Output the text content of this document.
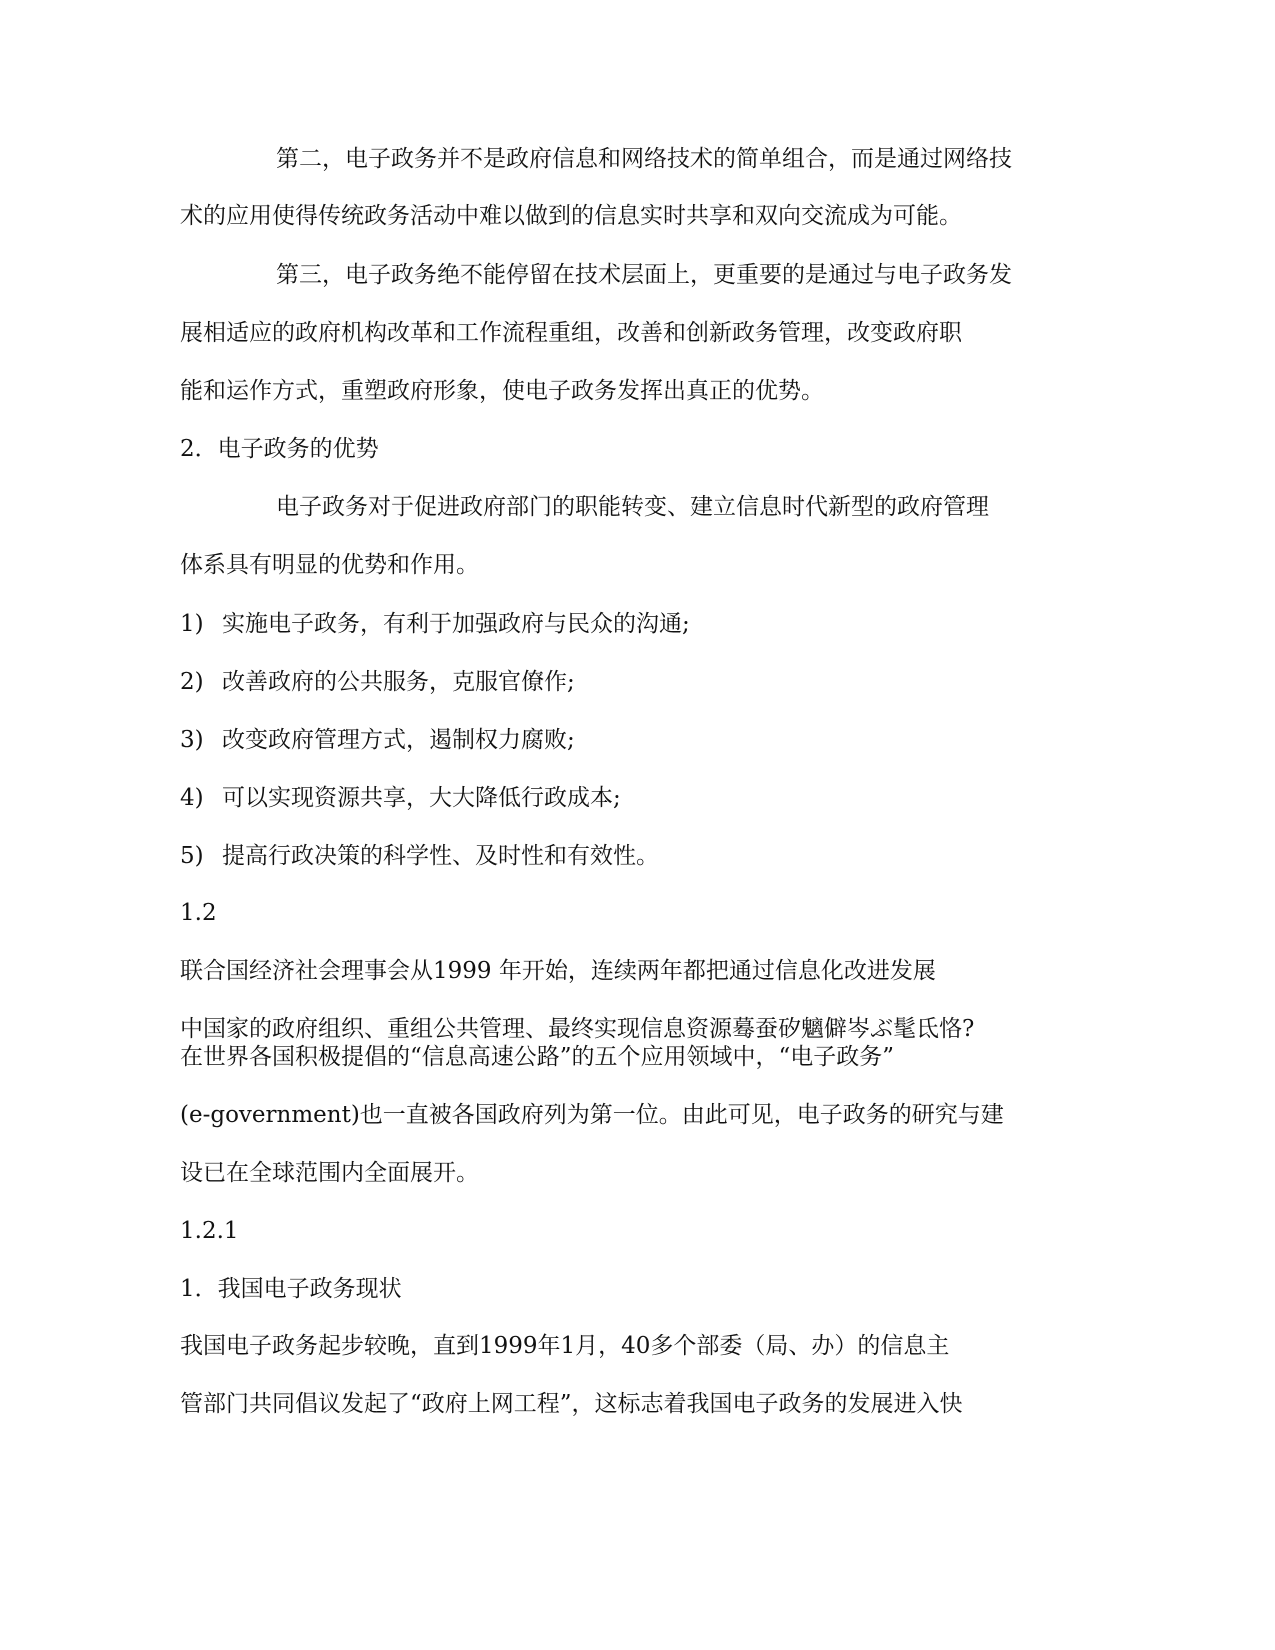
第二，电子政务并不是政府信息和网络技术的简单组合，而是通过网络技
术的应用使得传统政务活动中难以做到的信息实时共享和双向交流成为可能。
第三，电子政务绝不能停留在技术层面上，更重要的是通过与电子政务发
展相适应的政府机构改革和工作流程重组，改善和创新政务管理，改变政府职
能和运作方式，重塑政府形象，使电子政务发挥出真正的优势。
2．电子政务的优势
电子政务对于促进政府部门的职能转变、建立信息时代新型的政府管理
体系具有明显的优势和作用。
1) 实施电子政务，有利于加强政府与民众的沟通;
2) 改善政府的公共服务，克服官僚作;
3) 改变政府管理方式，遏制权力腐败;
4) 可以实现资源共享，大大降低行政成本;
5) 提高行政决策的科学性、及时性和有效性。
1.2
联合国经济社会理事会从1999 年开始，连续两年都把通过信息化改进发展
中国家的政府组织、重组公共管理、最终实现信息资源蓦蚕矽魑僻岑ぶ髦氐恪?
在世界各国积极提倡的“信息高速公路”的五个应用领域中，“电子政务”
(e-government)也一直被各国政府列为第一位。由此可见，电子政务的研究与建
设已在全球范围内全面展开。
1.2.1
1．我国电子政务现状
我国电子政务起步较晚，直到1999年1月，40多个部委（局、办）的信息主
管部门共同倡议发起了“政府上网工程”，这标志着我国电子政务的发展进入快
